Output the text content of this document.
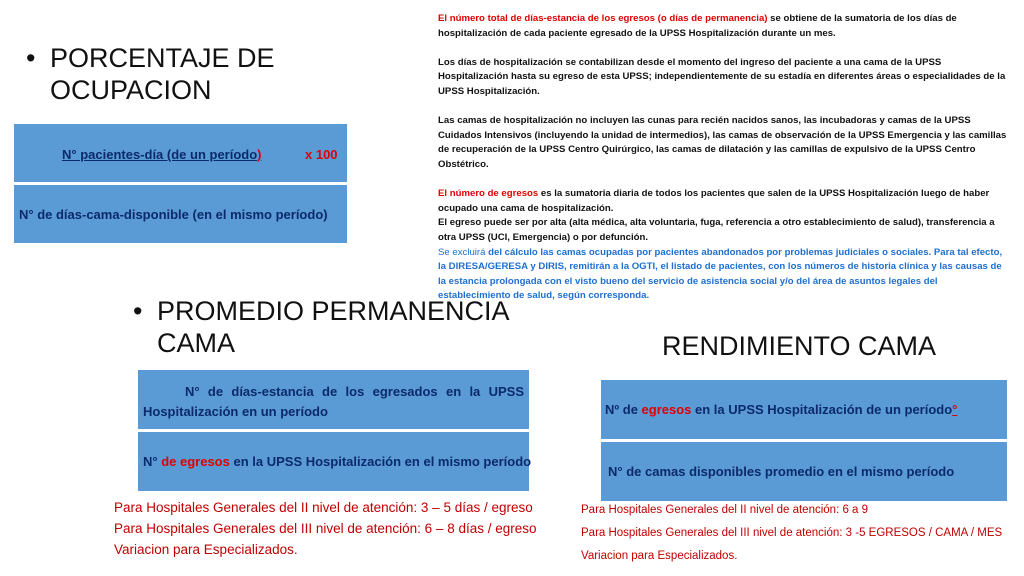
• PORCENTAJE DE
OCUPACION
N° pacientes-día (de un período)	x 100
N° de días-cama-disponible (en el mismo período)

El número total de días-estancia de los egresos (o días de permanencia) se obtiene de la sumatoria de los días de hospitalización de cada paciente egresado de la UPSS Hospitalización durante un mes.

Los días de hospitalización se contabilizan desde el momento del ingreso del paciente a una cama de la UPSS Hospitalización hasta su egreso de esta UPSS; independientemente de su estadía en diferentes áreas o especialidades de la UPSS Hospitalización.

Las camas de hospitalización no incluyen las cunas para recién nacidos sanos, las incubadoras y camas de la UPSS Cuidados Intensivos (incluyendo la unidad de intermedios), las camas de observación de la UPSS Emergencia y las camillas de recuperación de la UPSS Centro Quirúrgico, las camas de dilatación y las camillas de expulsivo de la UPSS Centro Obstétrico.

El número de egresos es la sumatoria diaria de todos los pacientes que salen de la UPSS Hospitalización luego de haber ocupado una cama de hospitalización.

El egreso puede ser por alta (alta médica, alta voluntaria, fuga, referencia a otro establecimiento de salud), transferencia a otra UPSS (UCI, Emergencia) o por defunción.

Se excluirá del cálculo las camas ocupadas por pacientes abandonados por problemas judiciales o sociales. Para tal efecto, la DIRESA/GERESA y DIRIS, remitirán a la OGTI, el listado de pacientes, con los números de historia clínica y las causas de la estancia prolongada con el visto bueno del servicio de asistencia social y/o del área de asuntos legales del establecimiento de salud, según corresponda.

• PROMEDIO PERMANENCIA
CAMA
N° de días-estancia de los egresados en la UPSS Hospitalización en un período
N° de egresos en la UPSS Hospitalización en el mismo período
Para Hospitales Generales del II nivel de atención: 3 – 5 días / egreso
Para Hospitales Generales del III nivel de atención: 6 – 8 días / egreso
Variacion para Especializados.
RENDIMIENTO CAMA
Nº de egresos en la UPSS Hospitalización de un período°
N° de camas disponibles promedio en el mismo período
Para Hospitales Generales del II nivel de atención: 6 a 9
Para Hospitales Generales del III nivel de atención: 3 -5 EGRESOS / CAMA / MES
Variacion para Especializados.
